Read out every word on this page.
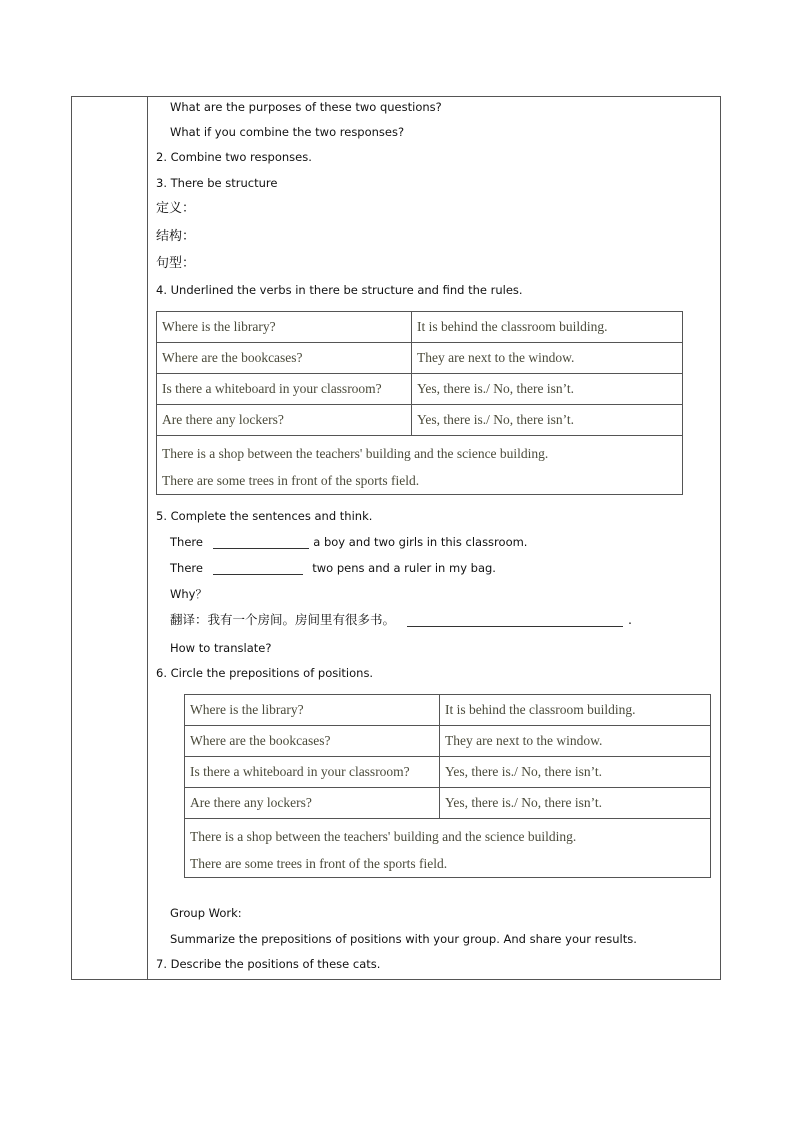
What are the purposes of these two questions?
What if you combine the two responses?
2. Combine two responses.
3. There be structure
定义：
结构：
句型：
4. Underlined the verbs in there be structure and find the rules.
Where is the library?	It is behind the classroom building.
Where are the bookcases?	They are next to the window.
Is there a whiteboard in your classroom?	Yes, there is./ No, there isn’t.
Are there any lockers?	Yes, there is./ No, there isn’t.

There is a shop between the teachers' building and the science building.
There are some trees in front of the sports field.	
5. Complete the sentences and think.
There	a boy and two girls in this classroom.
There	two pens and a ruler in my bag.
Why？
翻译：我有一个房间。房间里有很多书。	.
How to translate?
6. Circle the prepositions of positions.
Where is the library?	It is behind the classroom building.
Where are the bookcases?	They are next to the window.
Is there a whiteboard in your classroom?	Yes, there is./ No, there isn’t.
Are there any lockers?	Yes, there is./ No, there isn’t.

There is a shop between the teachers' building and the science building.
There are some trees in front of the sports field.	
Group Work:
Summarize the prepositions of positions with your group. And share your results.
7. Describe the positions of these cats.
